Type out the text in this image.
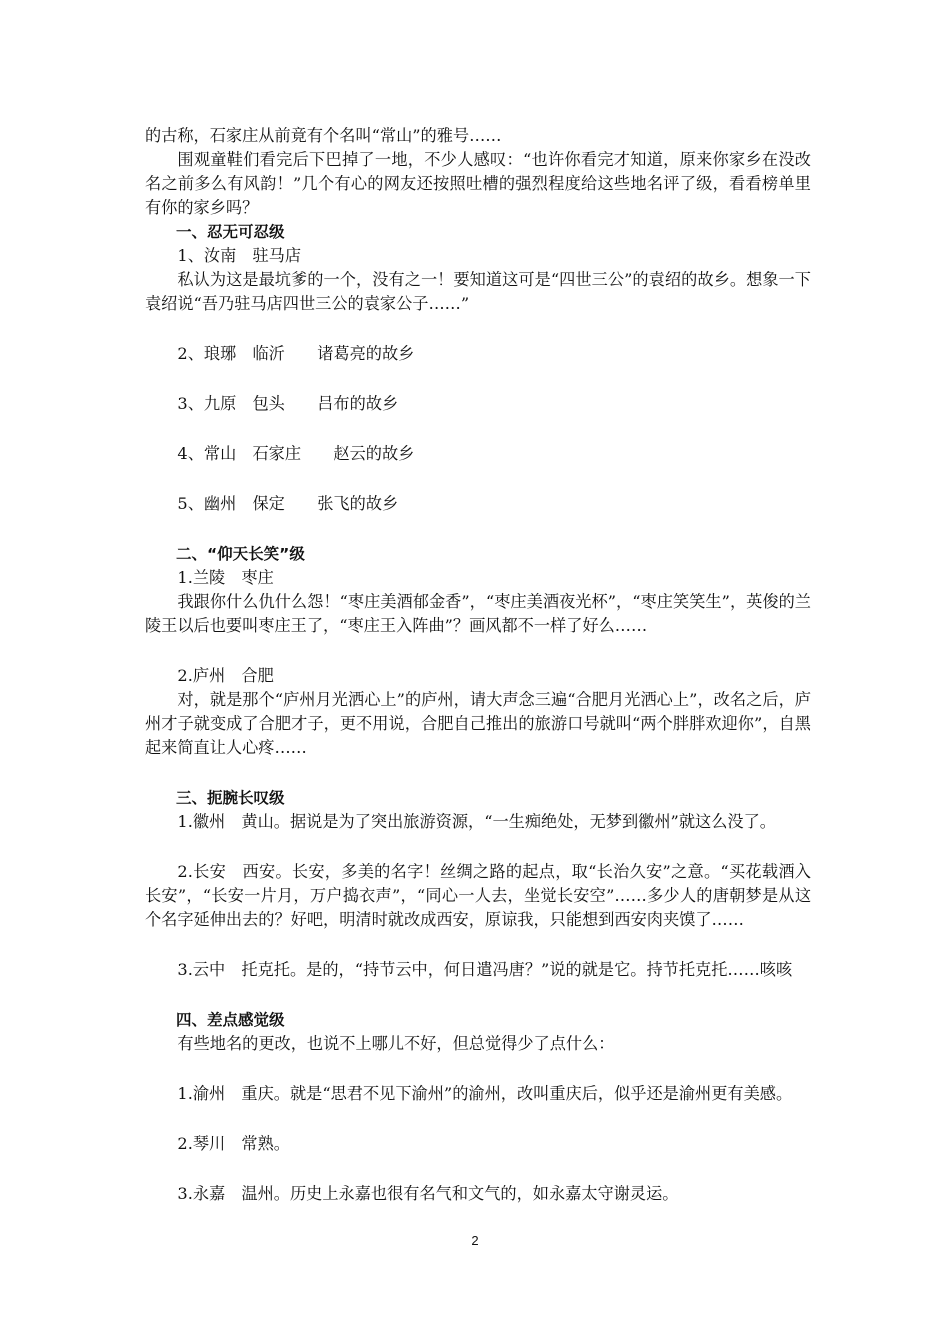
的古称，石家庄从前竟有个名叫“常山”的雅号……

围观童鞋们看完后下巴掉了一地，不少人感叹：“也许你看完才知道，原来你家乡在没改名之前多么有风韵！”几个有心的网友还按照吐槽的强烈程度给这些地名评了级，看看榜单里有你的家乡吗？

一、忍无可忍级

1、汝南　驻马店

私认为这是最坑爹的一个，没有之一！要知道这可是“四世三公”的袁绍的故乡。想象一下袁绍说“吾乃驻马店四世三公的袁家公子……”

2、琅琊　临沂　　诸葛亮的故乡

3、九原　包头　　吕布的故乡

4、常山　石家庄　　赵云的故乡

5、幽州　保定　　张飞的故乡

二、“仰天长笑”级

1.兰陵　枣庄

我跟你什么仇什么怨！“枣庄美酒郁金香”，“枣庄美酒夜光杯”，“枣庄笑笑生”，英俊的兰陵王以后也要叫枣庄王了，“枣庄王入阵曲”？画风都不一样了好么……

2.庐州　合肥

对，就是那个“庐州月光洒心上”的庐州，请大声念三遍“合肥月光洒心上”，改名之后，庐州才子就变成了合肥才子，更不用说，合肥自己推出的旅游口号就叫“两个胖胖欢迎你”，自黑起来简直让人心疼……

三、扼腕长叹级

1.徽州　黄山。据说是为了突出旅游资源，“一生痴绝处，无梦到徽州”就这么没了。

2.长安　西安。长安，多美的名字！丝绸之路的起点，取“长治久安”之意。“买花载酒入长安”，“长安一片月，万户捣衣声”，“同心一人去，坐觉长安空”……多少人的唐朝梦是从这个名字延伸出去的？好吧，明清时就改成西安，原谅我，只能想到西安肉夹馍了……

3.云中　托克托。是的，“持节云中，何日遣冯唐？”说的就是它。持节托克托……咳咳

四、差点感觉级

有些地名的更改，也说不上哪儿不好，但总觉得少了点什么：

1.渝州　重庆。就是“思君不见下渝州”的渝州，改叫重庆后，似乎还是渝州更有美感。

2.琴川　常熟。

3.永嘉　温州。历史上永嘉也很有名气和文气的，如永嘉太守谢灵运。

2
